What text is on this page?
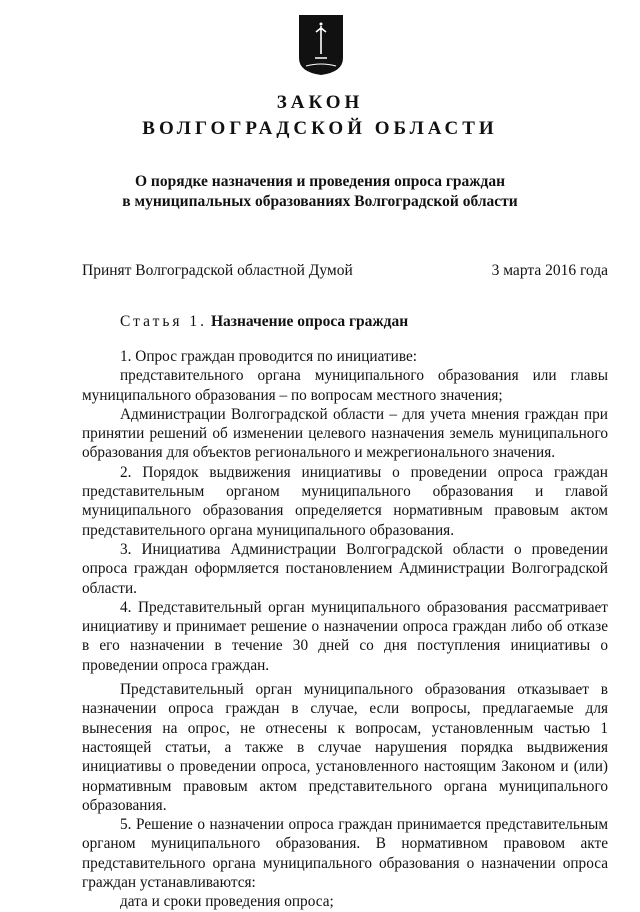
ЗАКОН
ВОЛГОГРАДСКОЙ ОБЛАСТИ
О порядке назначения и проведения опроса граждан
в муниципальных образованиях Волгоградской области
Принят Волгоградской областной Думой	3 марта 2016 года
Статья 1. Назначение опроса граждан

1. Опрос граждан проводится по инициативе:

представительного органа муниципального образования или главы муниципального образования – по вопросам местного значения;

Администрации Волгоградской области – для учета мнения граждан при принятии решений об изменении целевого назначения земель муниципального образования для объектов регионального и межрегионального значения.

2. Порядок выдвижения инициативы о проведении опроса граждан представительным органом муниципального образования и главой муниципального образования определяется нормативным правовым актом представительного органа муниципального образования.

3. Инициатива Администрации Волгоградской области о проведении опроса граждан оформляется постановлением Администрации Волгоградской области.

4. Представительный орган муниципального образования рассматривает инициативу и принимает решение о назначении опроса граждан либо об отказе в его назначении в течение 30 дней со дня поступления инициативы о проведении опроса граждан.

Представительный орган муниципального образования отказывает в назначении опроса граждан в случае, если вопросы, предлагаемые для вынесения на опрос, не отнесены к вопросам, установленным частью 1 настоящей статьи, а также в случае нарушения порядка выдвижения инициативы о проведении опроса, установленного настоящим Законом и (или) нормативным правовым актом представительного органа муниципального образования.

5. Решение о назначении опроса граждан принимается представительным органом муниципального образования. В нормативном правовом акте представительного органа муниципального образования о назначении опроса граждан устанавливаются:

дата и сроки проведения опроса;
